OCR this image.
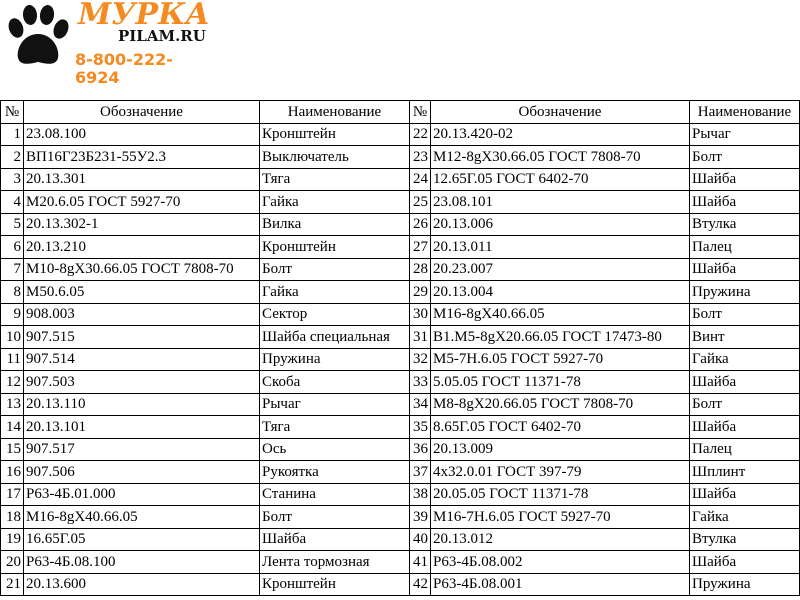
МУРКА
PILAM.RU
8-800-222-6924
№	Обозначение	Наименование	№	Обозначение	Наименование
1	23.08.100	Кронштейн	22	20.13.420-02	Рычаг
2	ВП16Г23Б231-55У2.3	Выключатель	23	М12-8gX30.66.05 ГОСТ 7808-70	Болт
3	20.13.301	Тяга	24	12.65Г.05 ГОСТ 6402-70	Шайба
4	М20.6.05 ГОСТ 5927-70	Гайка	25	23.08.101	Шайба
5	20.13.302-1	Вилка	26	20.13.006	Втулка
6	20.13.210	Кронштейн	27	20.13.011	Палец
7	М10-8gX30.66.05 ГОСТ 7808-70	Болт	28	20.23.007	Шайба
8	М50.6.05	Гайка	29	20.13.004	Пружина
9	908.003	Сектор	30	М16-8gX40.66.05	Болт
10	907.515	Шайба специальная	31	В1.М5-8gX20.66.05 ГОСТ 17473-80	Винт
11	907.514	Пружина	32	М5-7Н.6.05 ГОСТ 5927-70	Гайка
12	907.503	Скоба	33	5.05.05 ГОСТ 11371-78	Шайба
13	20.13.110	Рычаг	34	М8-8gX20.66.05 ГОСТ 7808-70	Болт
14	20.13.101	Тяга	35	8.65Г.05 ГОСТ 6402-70	Шайба
15	907.517	Ось	36	20.13.009	Палец
16	907.506	Рукоятка	37	4х32.0.01 ГОСТ 397-79	Шплинт
17	Р63-4Б.01.000	Станина	38	20.05.05 ГОСТ 11371-78	Шайба
18	М16-8gX40.66.05	Болт	39	М16-7Н.6.05 ГОСТ 5927-70	Гайка
19	16.65Г.05	Шайба	40	20.13.012	Втулка
20	Р63-4Б.08.100	Лента тормозная	41	Р63-4Б.08.002	Шайба
21	20.13.600	Кронштейн	42	Р63-4Б.08.001	Пружина
